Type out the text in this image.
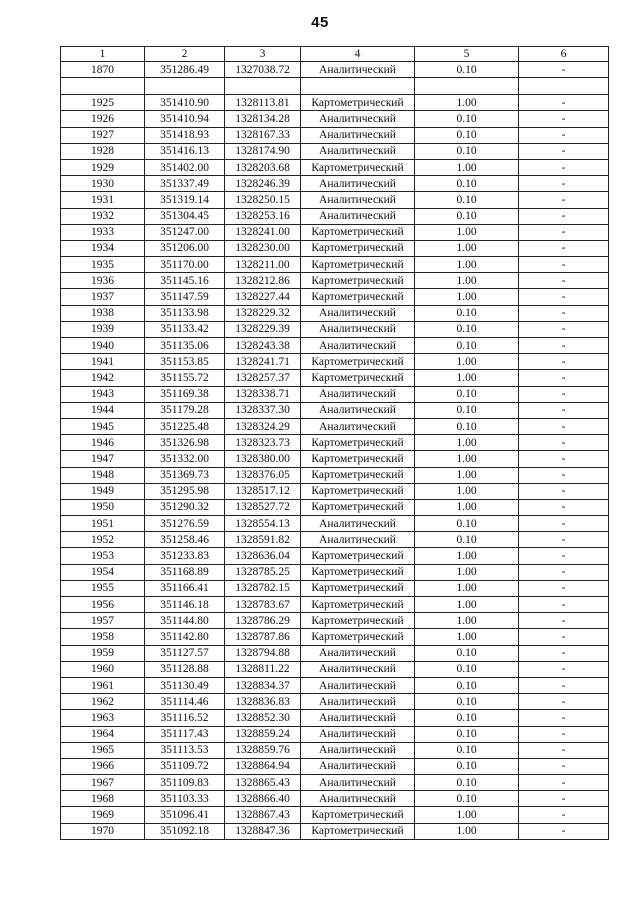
45
1	2	3	4	5	6
1870	351286.49	1327038.72	Аналитический	0.10	-

1925	351410.90	1328113.81	Картометрический	1.00	-
1926	351410.94	1328134.28	Аналитический	0.10	-
1927	351418.93	1328167.33	Аналитический	0.10	-
1928	351416.13	1328174.90	Аналитический	0.10	-
1929	351402.00	1328203.68	Картометрический	1.00	-
1930	351337.49	1328246.39	Аналитический	0.10	-
1931	351319.14	1328250.15	Аналитический	0.10	-
1932	351304.45	1328253.16	Аналитический	0.10	-
1933	351247.00	1328241.00	Картометрический	1.00	-
1934	351206.00	1328230.00	Картометрический	1.00	-
1935	351170.00	1328211.00	Картометрический	1.00	-
1936	351145.16	1328212.86	Картометрический	1.00	-
1937	351147.59	1328227.44	Картометрический	1.00	-
1938	351133.98	1328229.32	Аналитический	0.10	-
1939	351133.42	1328229.39	Аналитический	0.10	-
1940	351135.06	1328243.38	Аналитический	0.10	-
1941	351153.85	1328241.71	Картометрический	1.00	-
1942	351155.72	1328257.37	Картометрический	1.00	-
1943	351169.38	1328338.71	Аналитический	0.10	-
1944	351179.28	1328337.30	Аналитический	0.10	-
1945	351225.48	1328324.29	Аналитический	0.10	-
1946	351326.98	1328323.73	Картометрический	1.00	-
1947	351332.00	1328380.00	Картометрический	1.00	-
1948	351369.73	1328376.05	Картометрический	1.00	-
1949	351295.98	1328517.12	Картометрический	1.00	-
1950	351290.32	1328527.72	Картометрический	1.00	-
1951	351276.59	1328554.13	Аналитический	0.10	-
1952	351258.46	1328591.82	Аналитический	0.10	-
1953	351233.83	1328636.04	Картометрический	1.00	-
1954	351168.89	1328785.25	Картометрический	1.00	-
1955	351166.41	1328782.15	Картометрический	1.00	-
1956	351146.18	1328783.67	Картометрический	1.00	-
1957	351144.80	1328786.29	Картометрический	1.00	-
1958	351142.80	1328787.86	Картометрический	1.00	-
1959	351127.57	1328794.88	Аналитический	0.10	-
1960	351128.88	1328811.22	Аналитический	0.10	-
1961	351130.49	1328834.37	Аналитический	0.10	-
1962	351114.46	1328836.83	Аналитический	0.10	-
1963	351116.52	1328852.30	Аналитический	0.10	-
1964	351117.43	1328859.24	Аналитический	0.10	-
1965	351113.53	1328859.76	Аналитический	0.10	-
1966	351109.72	1328864.94	Аналитический	0.10	-
1967	351109.83	1328865.43	Аналитический	0.10	-
1968	351103.33	1328866.40	Аналитический	0.10	-
1969	351096.41	1328867.43	Картометрический	1.00	-
1970	351092.18	1328847.36	Картометрический	1.00	-
